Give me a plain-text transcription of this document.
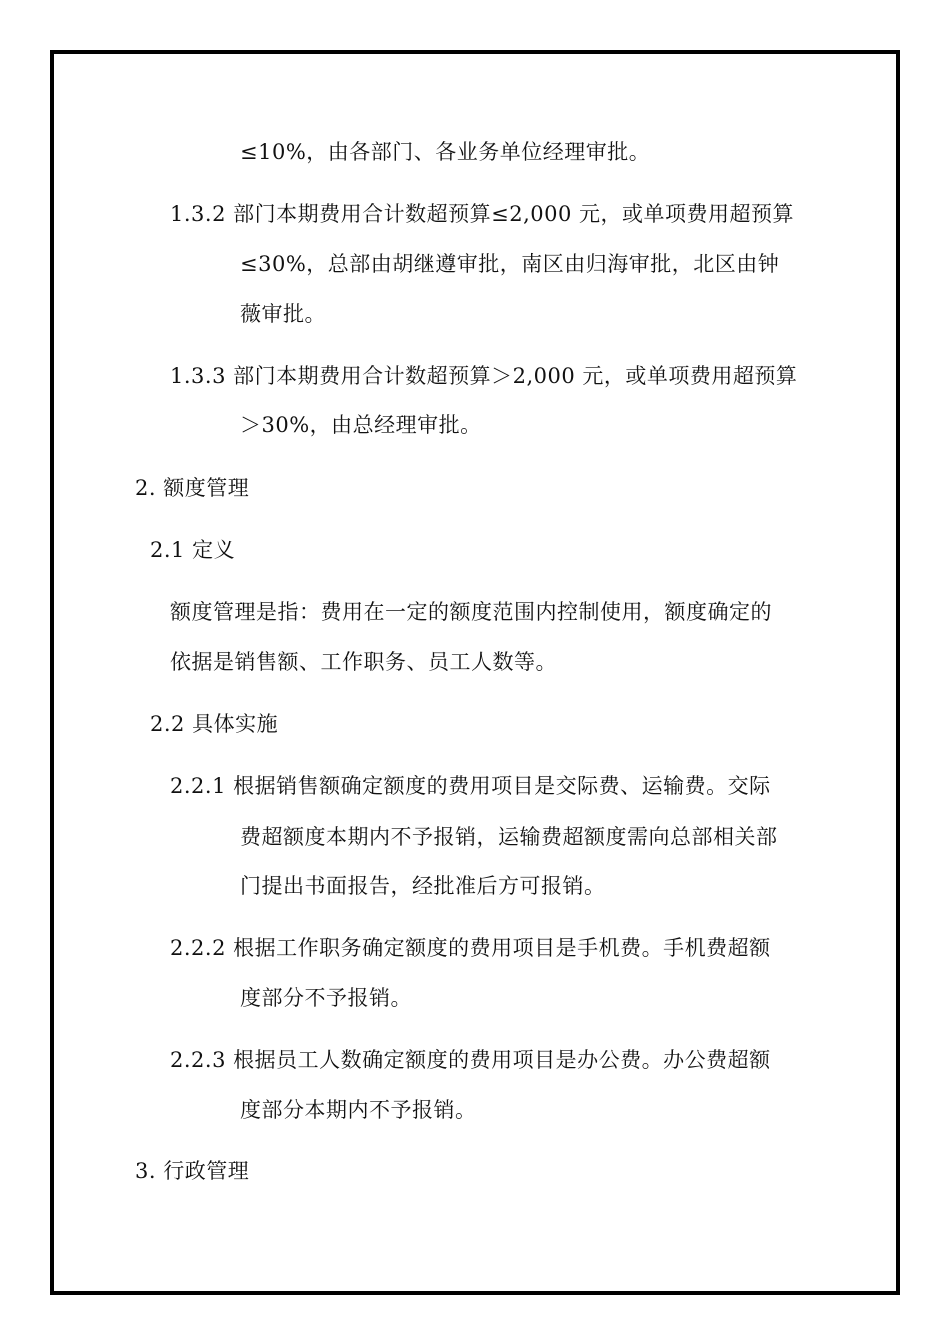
≤10%，由各部门、各业务单位经理审批。
1.3.2 部门本期费用合计数超预算≤2,000 元，或单项费用超预算
≤30%，总部由胡继遵审批，南区由归海审批，北区由钟
薇审批。
1.3.3 部门本期费用合计数超预算＞2,000 元，或单项费用超预算
＞30%，由总经理审批。
2. 额度管理
2.1 定义
额度管理是指：费用在一定的额度范围内控制使用，额度确定的
依据是销售额、工作职务、员工人数等。
2.2 具体实施
2.2.1 根据销售额确定额度的费用项目是交际费、运输费。交际
费超额度本期内不予报销，运输费超额度需向总部相关部
门提出书面报告，经批准后方可报销。
2.2.2 根据工作职务确定额度的费用项目是手机费。手机费超额
度部分不予报销。
2.2.3 根据员工人数确定额度的费用项目是办公费。办公费超额
度部分本期内不予报销。
3. 行政管理
